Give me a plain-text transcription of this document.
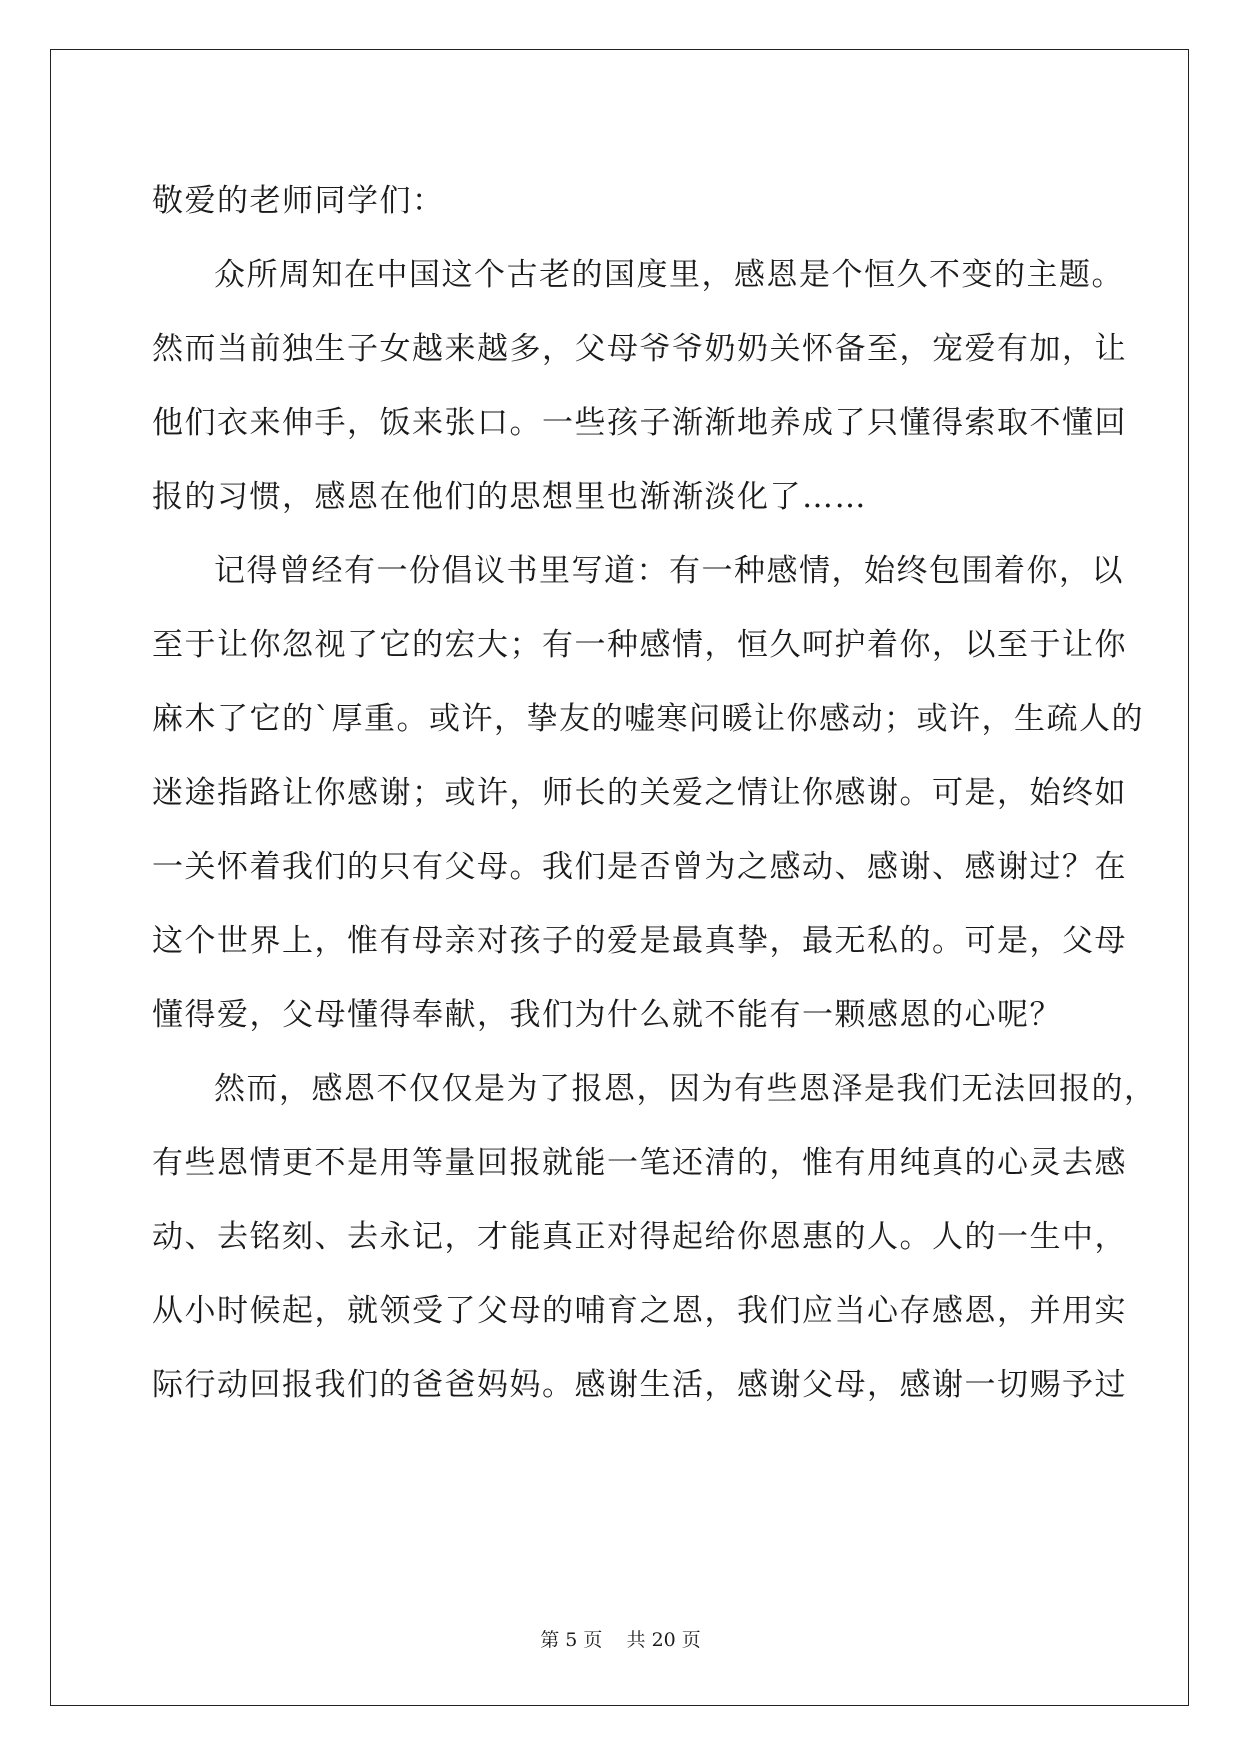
敬爱的老师同学们：
众所周知在中国这个古老的国度里，感恩是个恒久不变的主题。
然而当前独生子女越来越多，父母爷爷奶奶关怀备至，宠爱有加，让
他们衣来伸手，饭来张口。一些孩子渐渐地养成了只懂得索取不懂回
报的习惯，感恩在他们的思想里也渐渐淡化了……
记得曾经有一份倡议书里写道：有一种感情，始终包围着你，以
至于让你忽视了它的宏大；有一种感情，恒久呵护着你，以至于让你
麻木了它的`厚重。或许，挚友的嘘寒问暖让你感动；或许，生疏人的
迷途指路让你感谢；或许，师长的关爱之情让你感谢。可是，始终如
一关怀着我们的只有父母。我们是否曾为之感动、感谢、感谢过？在
这个世界上，惟有母亲对孩子的爱是最真挚，最无私的。可是，父母
懂得爱，父母懂得奉献，我们为什么就不能有一颗感恩的心呢？
然而，感恩不仅仅是为了报恩，因为有些恩泽是我们无法回报的，
有些恩情更不是用等量回报就能一笔还清的，惟有用纯真的心灵去感
动、去铭刻、去永记，才能真正对得起给你恩惠的人。人的一生中，
从小时候起，就领受了父母的哺育之恩，我们应当心存感恩，并用实
际行动回报我们的爸爸妈妈。感谢生活，感谢父母，感谢一切赐予过
第 5 页    共 20 页
